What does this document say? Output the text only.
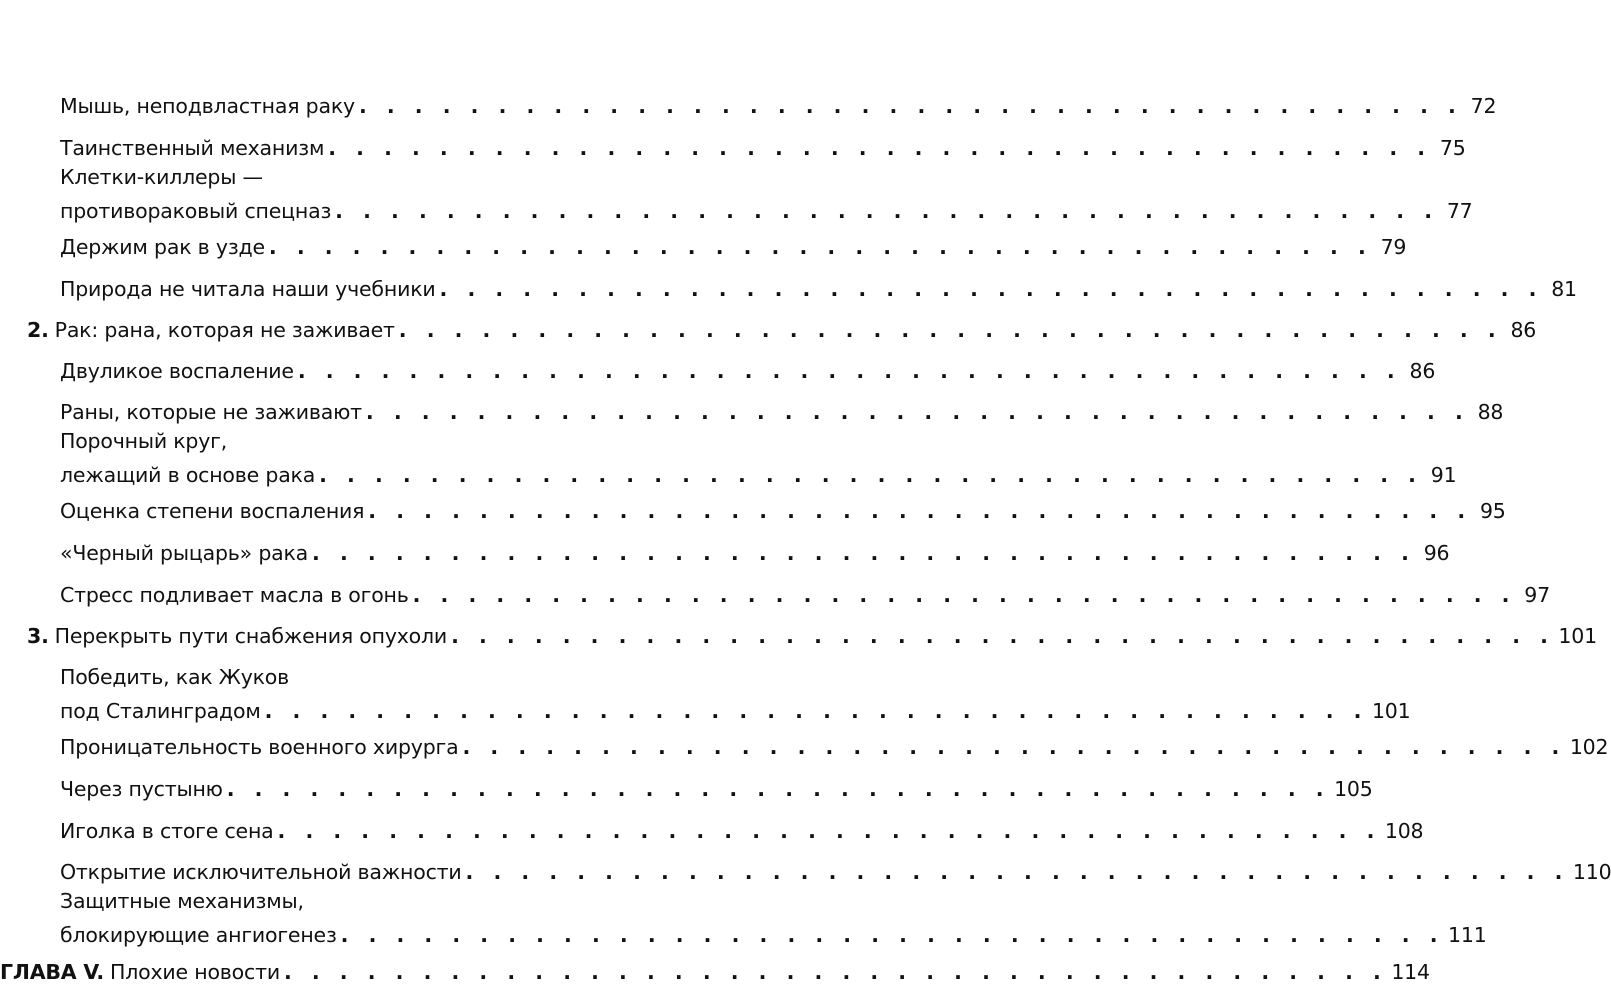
Мышь, неподвластная раку . . . . . . . . . . . . . . . . . . . . . . . . . . . . . . . . . . . . . . . . 72
Таинственный механизм . . . . . . . . . . . . . . . . . . . . . . . . . . . . . . . . . . . . . . . . 75
Клетки-киллеры —
противораковый спецназ . . . . . . . . . . . . . . . . . . . . . . . . . . . . . . . . . . . . . . . . 77
Держим рак в узде . . . . . . . . . . . . . . . . . . . . . . . . . . . . . . . . . . . . . . . . 79
Природа не читала наши учебники . . . . . . . . . . . . . . . . . . . . . . . . . . . . . . . . . . . . . . . . 81
2. Рак: рана, которая не заживает . . . . . . . . . . . . . . . . . . . . . . . . . . . . . . . . . . . . . . . . 86
Двуликое воспаление . . . . . . . . . . . . . . . . . . . . . . . . . . . . . . . . . . . . . . . . 86
Раны, которые не заживают . . . . . . . . . . . . . . . . . . . . . . . . . . . . . . . . . . . . . . . . 88
Порочный круг,
лежащий в основе рака . . . . . . . . . . . . . . . . . . . . . . . . . . . . . . . . . . . . . . . . 91
Оценка степени воспаления . . . . . . . . . . . . . . . . . . . . . . . . . . . . . . . . . . . . . . . . 95
«Черный рыцарь» рака . . . . . . . . . . . . . . . . . . . . . . . . . . . . . . . . . . . . . . . . 96
Стресс подливает масла в огонь . . . . . . . . . . . . . . . . . . . . . . . . . . . . . . . . . . . . . . . . 97
3. Перекрыть пути снабжения опухоли . . . . . . . . . . . . . . . . . . . . . . . . . . . . . . . . . . . . . . . . 101
Победить, как Жуков
под Сталинградом . . . . . . . . . . . . . . . . . . . . . . . . . . . . . . . . . . . . . . . . 101
Проницательность военного хирурга . . . . . . . . . . . . . . . . . . . . . . . . . . . . . . . . . . . . . . . . 102
Через пустыню . . . . . . . . . . . . . . . . . . . . . . . . . . . . . . . . . . . . . . . . 105
Иголка в стоге сена . . . . . . . . . . . . . . . . . . . . . . . . . . . . . . . . . . . . . . . . 108
Открытие исключительной важности . . . . . . . . . . . . . . . . . . . . . . . . . . . . . . . . . . . . . . . . 110
Защитные механизмы,
блокирующие ангиогенез . . . . . . . . . . . . . . . . . . . . . . . . . . . . . . . . . . . . . . . . 111
ГЛАВА V. Плохие новости . . . . . . . . . . . . . . . . . . . . . . . . . . . . . . . . . . . . . . . . 114
